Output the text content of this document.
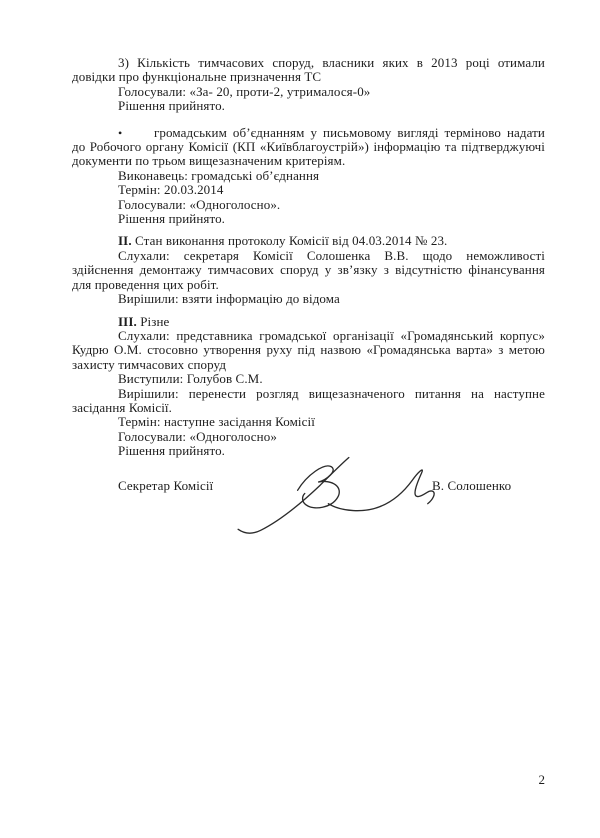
3) Кількість тимчасових споруд, власники яких в 2013 році отимали довідки про функціональне призначення ТС

Голосували: «За- 20, проти-2, утрималося-0»

Рішення прийнято.

• громадським об’єднанням у письмовому вигляді терміново надати до Робочого органу Комісії (КП «Київблагоустрій») інформацію та підтверджуючі документи по трьом вищезазначеним критеріям.

Виконавець: громадські об’єднання

Термін: 20.03.2014

Голосували: «Одноголосно».

Рішення прийнято.

II. Стан виконання протоколу Комісії від 04.03.2014 № 23.

Слухали: секретаря Комісії Солошенка В.В. щодо неможливості здійснення демонтажу тимчасових споруд у зв’язку з відсутністю фінансування для проведення цих робіт.

Вирішили: взяти інформацію до відома

III. Різне

Слухали: представника громадської організації «Громадянський корпус» Кудрю О.М. стосовно утворення руху під назвою «Громадянська варта» з метою захисту тимчасових споруд

Виступили: Голубов С.М.

Вирішили: перенести розгляд вищезазначеного питання на наступне засідання Комісії.

Термін: наступне засідання Комісії

Голосували: «Одноголосно»

Рішення прийнято.

Секретар Комісії	В. Солошенко
2
